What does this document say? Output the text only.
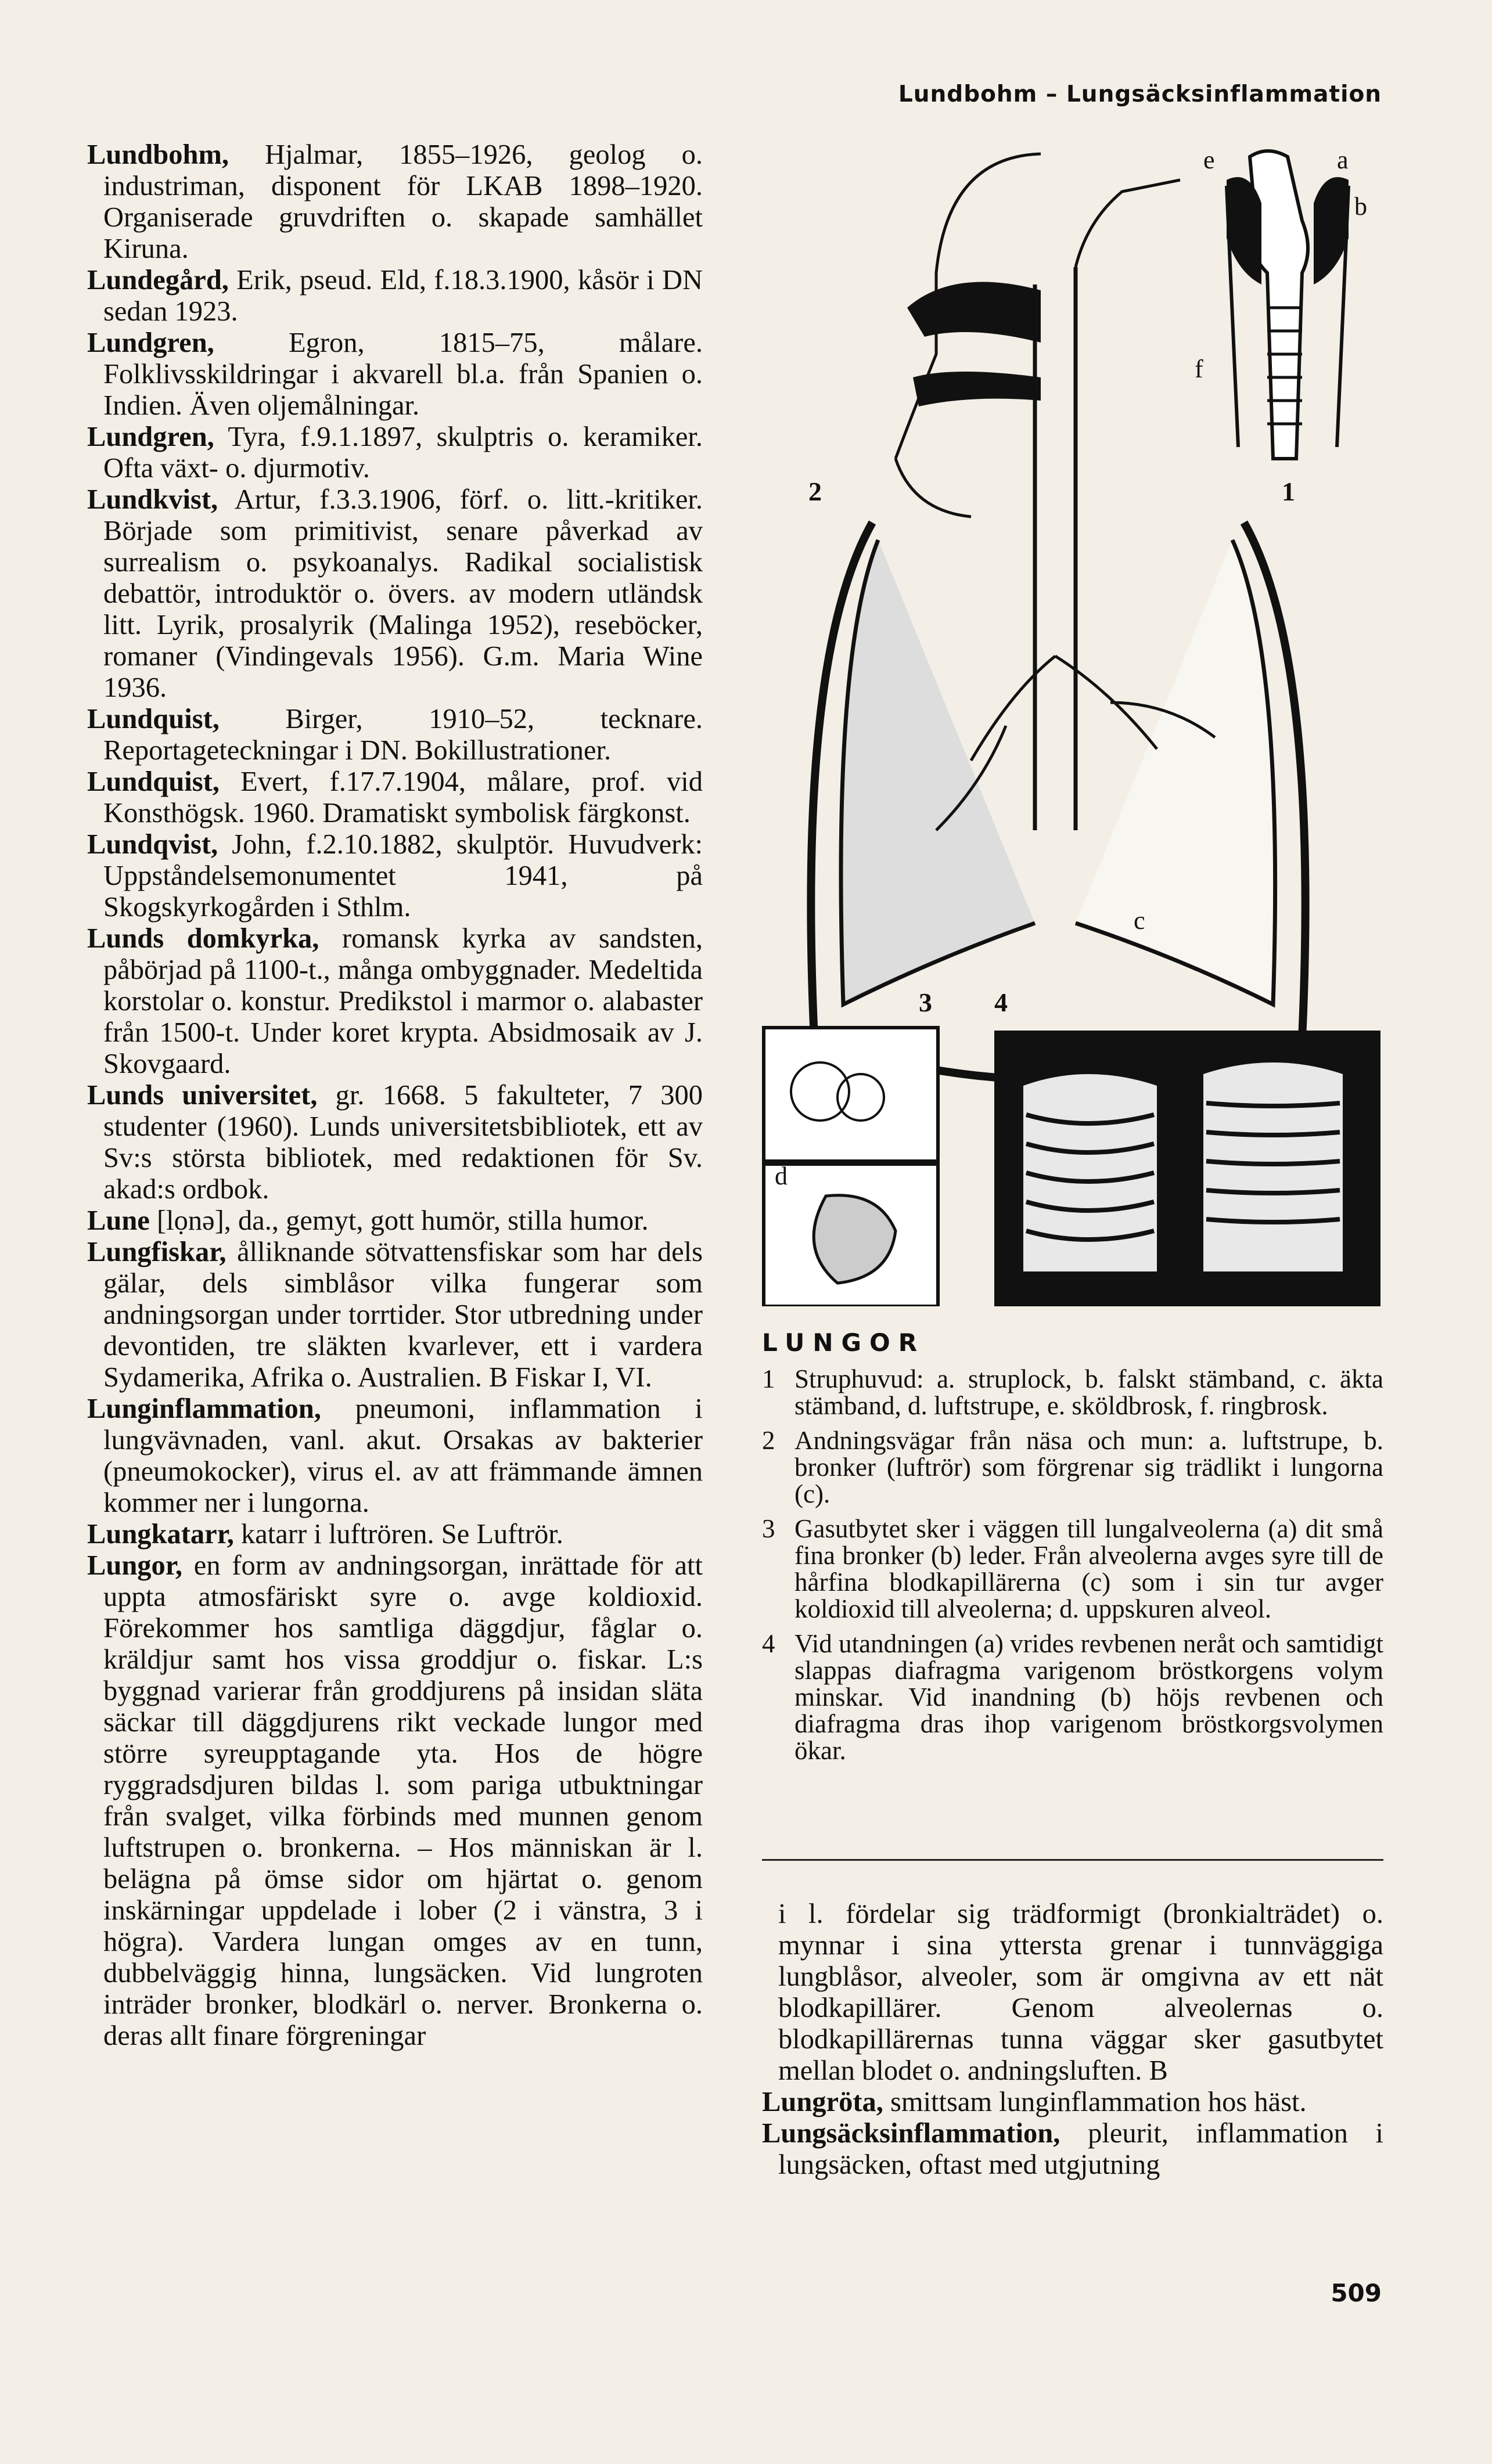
Lundbohm – Lungsäcksinflammation

Lundbohm, Hjalmar, 1855–1926, geolog o. industriman, disponent för LKAB 1898–1920. Organiserade gruvdriften o. skapade samhället Kiruna.

Lundegård, Erik, pseud. Eld, f.18.3.1900, kåsör i DN sedan 1923.

Lundgren, Egron, 1815–75, målare. Folklivsskildringar i akvarell bl.a. från Spanien o. Indien. Även oljemålningar.

Lundgren, Tyra, f.9.1.1897, skulptris o. keramiker. Ofta växt- o. djurmotiv.

Lundkvist, Artur, f.3.3.1906, förf. o. litt.-kritiker. Började som primitivist, senare påverkad av surrealism o. psykoanalys. Radikal socialistisk debattör, introduktör o. övers. av modern utländsk litt. Lyrik, prosalyrik (Malinga 1952), reseböcker, romaner (Vindingevals 1956). G.m. Maria Wine 1936.

Lundquist, Birger, 1910–52, tecknare. Reportageteckningar i DN. Bokillustrationer.

Lundquist, Evert, f.17.7.1904, målare, prof. vid Konsthögsk. 1960. Dramatiskt symbolisk färgkonst.

Lundqvist, John, f.2.10.1882, skulptör. Huvudverk: Uppståndelsemonumentet 1941, på Skogskyrkogården i Sthlm.

Lunds domkyrka, romansk kyrka av sandsten, påbörjad på 1100-t., många ombyggnader. Medeltida korstolar o. konstur. Predikstol i marmor o. alabaster från 1500-t. Under koret krypta. Absidmosaik av J. Skovgaard.

Lunds universitet, gr. 1668. 5 fakulteter, 7 300 studenter (1960). Lunds universitetsbibliotek, ett av Sv:s största bibliotek, med redaktionen för Sv. akad:s ordbok.

Lune [lọnə], da., gemyt, gott humör, stilla humor.

Lungfiskar, ålliknande sötvattensfiskar som har dels gälar, dels simblåsor vilka fungerar som andningsorgan under torrtider. Stor utbredning under devontiden, tre släkten kvarlever, ett i vardera Sydamerika, Afrika o. Australien. B Fiskar I, VI.

Lunginflammation, pneumoni, inflammation i lungvävnaden, vanl. akut. Orsakas av bakterier (pneumokocker), virus el. av att främmande ämnen kommer ner i lungorna.

Lungkatarr, katarr i luftrören. Se Luftrör.

Lungor, en form av andningsorgan, inrättade för att uppta atmosfäriskt syre o. avge koldioxid. Förekommer hos samtliga däggdjur, fåglar o. kräldjur samt hos vissa groddjur o. fiskar. L:s byggnad varierar från groddjurens på insidan släta säckar till däggdjurens rikt veckade lungor med större syreupptagande yta. Hos de högre ryggradsdjuren bildas l. som pariga utbuktningar från svalget, vilka förbinds med munnen genom luftstrupen o. bronkerna. – Hos människan är l. belägna på ömse sidor om hjärtat o. genom inskärningar uppdelade i lober (2 i vänstra, 3 i högra). Vardera lungan omges av en tunn, dubbelväggig hinna, lungsäcken. Vid lungroten inträder bronker, blodkärl o. nerver. Bronkerna o. deras allt finare förgreningar

1
2
3 4
a
b
c
d
e
f
LUNGOR
1 Struphuvud: a. struplock, b. falskt stämband, c. äkta stämband, d. luftstrupe, e. sköldbrosk, f. ringbrosk.
2 Andningsvägar från näsa och mun: a. luftstrupe, b. bronker (luftrör) som förgrenar sig trädlikt i lungorna (c).
3 Gasutbytet sker i väggen till lungalveolerna (a) dit små fina bronker (b) leder. Från alveolerna avges syre till de hårfina blodkapillärerna (c) som i sin tur avger koldioxid till alveolerna; d. uppskuren alveol.
4 Vid utandningen (a) vrides revbenen neråt och samtidigt slappas diafragma varigenom bröstkorgens volym minskar. Vid inandning (b) höjs revbenen och diafragma dras ihop varigenom bröstkorgsvolymen ökar.

i l. fördelar sig trädformigt (bronkialträdet) o. mynnar i sina yttersta grenar i tunnväggiga lungblåsor, alveoler, som är omgivna av ett nät blodkapillärer. Genom alveolernas o. blodkapillärernas tunna väggar sker gasutbytet mellan blodet o. andningsluften. B

Lungröta, smittsam lunginflammation hos häst.

Lungsäcksinflammation, pleurit, inflammation i lungsäcken, oftast med utgjutning

509
